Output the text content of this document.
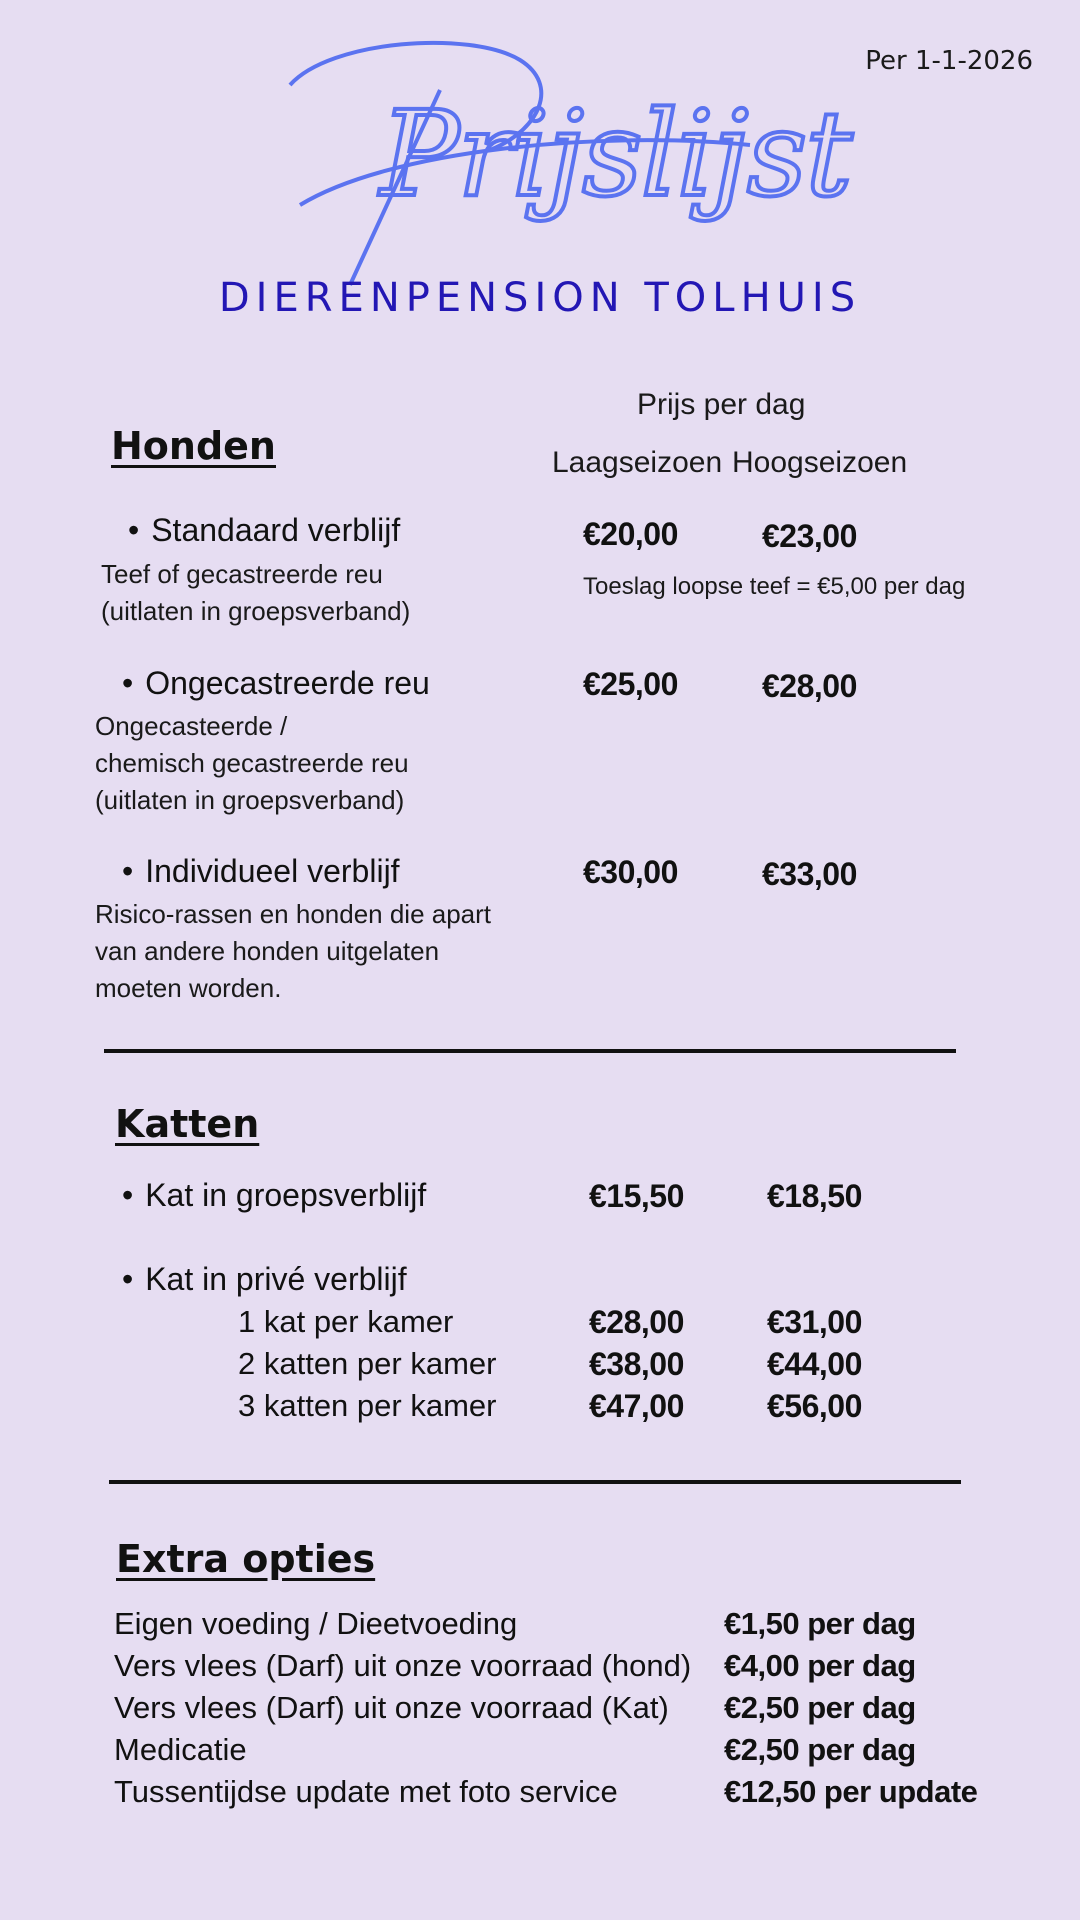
Per 1-1-2026
Prijslijst
DIERENPENSION TOLHUIS
Prijs per dag
Laagseizoen Hoogseizoen
Honden
• Standaard verblijf
Teef of gecastreerde reu
(uitlaten in groepsverband)
€20,00	€23,00
Toeslag loopse teef = €5,00 per dag
• Ongecastreerde reu
Ongecasteerde /
chemisch gecastreerde reu
(uitlaten in groepsverband)
€25,00	€28,00
• Individueel verblijf
Risico-rassen en honden die apart
van andere honden uitgelaten
moeten worden.
€30,00	€33,00
Katten
• Kat in groepsverblijf	€15,50	€18,50
• Kat in privé verblijf
1 kat per kamer	€28,00	€31,00
2 katten per kamer	€38,00	€44,00
3 katten per kamer	€47,00	€56,00
Extra opties
Eigen voeding / Dieetvoeding	€1,50 per dag
Vers vlees (Darf) uit onze voorraad (hond) €4,00 per dag
Vers vlees (Darf) uit onze voorraad (Kat) €2,50 per dag
Medicatie	€2,50 per dag
Tussentijdse update met foto service	€12,50 per update
